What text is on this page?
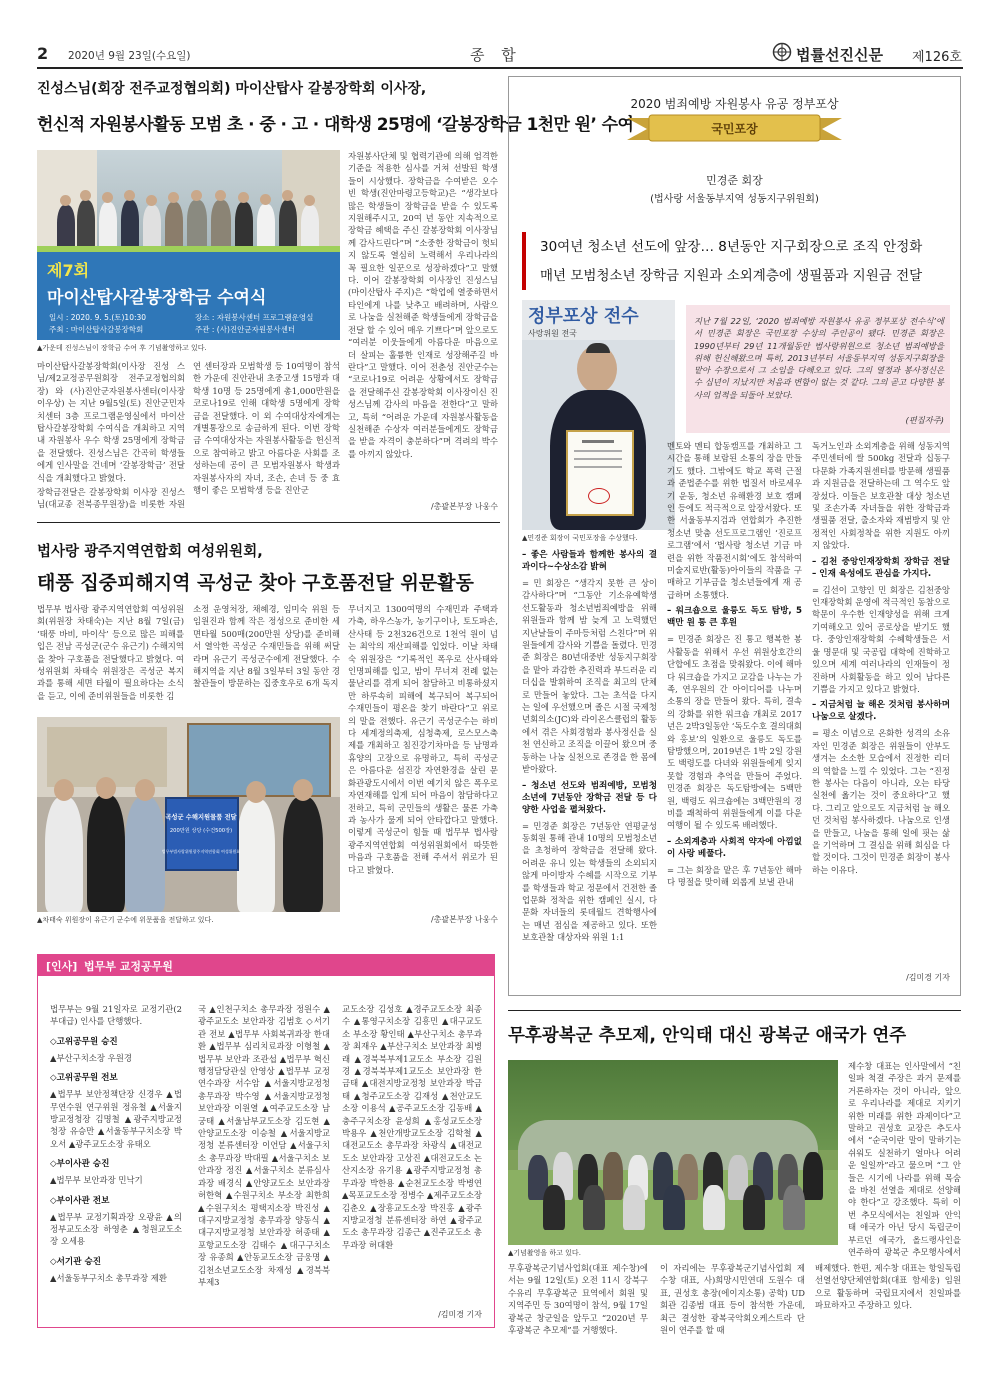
2 2020년 9월 23일(수요일)	종 합	법률선진신문 제126호
진성스님(회장 전주교정협의회) 마이산탑사 갈봉장학회 이사장,
헌신적 자원봉사활동 모범 초 · 중 · 고 · 대학생 25명에 ‘갈봉장학금 1천만 원’ 수여
제7회
마이산탑사갈봉장학금 수여식
일시 : 2020. 9. 5.(토)10:30
주최 : 마이산탑사갈봉장학회
장소 : 자원봉사센터 프로그램운영실
주관 : (사)진안군자원봉사센터
▲가운데 진성스님이 장학금 수여 후 기념촬영하고 있다.

마이산탑사갈봉장학회(이사장 진성 스님/제2교정공무원회장 전주교정협의회장) 와 (사)진안군자원봉사센터(이사장 이우상) 는 지난 9월5일(토) 진안군민자치센터 3층 프로그램운영실에서 마이산탑사갈봉장학회 수여식을 개최하고 지역 내 자원봉사 우수 학생 25명에게 장학금을 전달했다. 진성스님은 간곡히 학생들에게 인사말을 건네며 ‘갈봉장학금’ 전달식을 개최했다고 밝혔다.

장학금전달은 갈봉장학회 이사장 진성스님(대교종 전북종무원장)을 비롯한 자원

연 센터장과 모범학생 등 10여명이 참석한 가운데 진안관내 초중고생 15명과 대학생 10명 등 25명에게 총1,000만원을 코로나19로 인해 대학생 5명에게 장학금을 전달했다. 이 외 수여대상자에게는 개별통장으로 송금하게 된다. 이번 장학금 수여대상자는 자원봉사활동을 헌신적으로 참여하고 밝고 아름다운 사회를 조성하는데 공이 큰 모범자원봉사 학생과 자원봉사자의 자녀, 조손, 손녀 등 중 효행이 좋은 모범학생 등을 진안군
자원봉사단체 및 협력기관에 의해 엄격한 기준을 적용한 심사를 거쳐 선발된 학생들이 시상했다. 장학금을 수여받은 오수빈 학생(진안마령고등학교)은 “생각보다 많은 학생들이 장학금을 받을 수 있도록 지원해주시고, 20여 년 동안 지속적으로 장학금 혜택을 주신 갈봉장학회 이사장님께 감사드린다”며 “소중한 장학금이 헛되지 않도록 열심히 노력해서 우리나라의 꼭 필요한 일꾼으로 성장하겠다”고 말했다. 이어 갈봉장학회 이사장인 진성스님(마이산탑사 주지)은 “학업에 열중하면서 타인에게 나를 낮추고 배려하며, 사람으로 나눔을 실천해준 학생들에게 장학금을 전달 할 수 있어 매우 기쁘다”며 앞으로도 “여러분 이웃들에게 아름다운 마음으로 더 살피는 훌륭한 인재로 성장해주길 바란다”고 말했다. 이어 전춘성 진안군수는 “코로나19로 어려운 상황에서도 장학금을 전달해주신 갈봉장학회 이사장이신 진성스님께 감사의 마음을 전한다”고 말하고, 특히 “어려운 가운데 자원봉사활동을 실천해준 수상자 여러분들에게도 장학금을 받을 자격이 충분하다”며 격려의 박수를 아끼지 않았다.
/총괄본부장 나웅수
법사랑 광주지역연합회 여성위원회,
태풍 집중피해지역 곡성군 찾아 구호품전달 위문활동
법무부 법사랑 광주지역연합회 여성위원회(위원장 차태숙)는 지난 8월 7일(금) ‘태풍 바비, 마이삭’ 등으로 많은 피해를 입은 전남 곡성군(군수 유근기) 수해지역을 찾아 구호품을 전달했다고 밝혔다. 여성위원회 차태숙 위원장은 곡성군 복지과를 통해 세면 타월이 필요하다는 소식을 듣고, 이에 준비위원들을 비롯한 김
소정 운영처장, 채혜경, 임미숙 위원 등 임원진과 함께 작은 정성으로 준비한 세면타월 500매(200만원 상당)를 준비해서 열악한 곡성군 수재민들을 위해 써달라며 유근기 곡성군수에게 전달했다. 수해지역을 지난 8월 3일부터 3일 동안 경찰관들이 방문하는 집중호우로 6개 독지
곡성군 수해지원물품 전달
200만원 상당 (수건500장)
법무부법사랑위원광주지역연합회 여성위원회
▲차태숙 위원장이 유근기 군수에 위문품을 전달하고 있다.
무너지고 1300여명의 수재민과 주택과 가축, 하우스농가, 농기구이나, 토도파손, 산사태 등 2천326건으로 1천억 원이 넘는 최악의 재산피해를 입었다. 이날 차태숙 위원장은 “기록적인 폭우로 산사태와 인명피해를 입고, 밤이 무너져 전례 없는 물난리를 겪게 되어 참담하고 비통하셨지만 하루속히 피해에 복구되어 복구되어 수재민들이 평온을 찾기 바란다”고 위로의 말을 전했다. 유근기 곡성군수는 하비다 세계정의축제, 심청축제, 로스모스축제를 개최하고 침진강기차마을 등 남명과 휴양의 고장으로 유명하고, 특히 곡성군은 아름다운 섬진강 자연환경을 살린 문화관광도시에서 이번 예기치 않은 폭우로 자연재해를 입게 되어 마음이 참담하다고 전하고, 특히 군민들의 생활은 물론 가축과 농사가 물게 되어 안타깝다고 말했다. 이렇게 곡성군이 힘들 때 법무부 법사랑 광주지역연합회 여성위원회에서 따뜻한 마음과 구호품을 전해 주셔서 위로가 된다고 밝혔다.
/총괄본부장 나웅수
2020 범죄예방 자원봉사 유공 정부포상
국민포장
민경준 회장
(법사랑 서울동부지역 성동지구위원회)
30여년 청소년 선도에 앞장… 8년동안 지구회장으로 조직 안정화
매년 모범청소년 장학금 지원과 소외계층에 생필품과 지원금 전달
정부포상 전수
사랑위원 전국
▲민경준 회장이 국민포장을 수상했다.
지난 7월 22일, ‘2020 범죄예방 자원봉사 유공 정부포상 전수식’에서 민경준 회장은 국민포장 수상의 주인공이 됐다. 민경준 회장은 1990년부터 29년 11개월동안 법사랑위원으로 청소년 범죄예방을 위해 헌신해왔으며 특히, 2013년부터 서울동부지역 성동지구회장을 맡아 수장으로서 그 소임을 다해오고 있다. 그의 열정과 봉사정신은 수 십년이 지났지만 처음과 변함이 없는 것 같다. 그의 곧고 다양한 봉사의 업적을 되돌아 보았다.
(편집자주)
– 좋은 사람들과 함께한 봉사의 결과이다~수상소감 밝혀

= 민 회장은 “생각지 못한 큰 상이 감사하다”며 “그동안 기소유예학생 선도활동과 청소년범죄예방을 위해 위원들과 함께 밤 늦게 고 노력했던 지난날들이 주마등처럼 스친다”며 위원들에게 감사와 기쁨을 돌렸다. 민경준 회장은 80년대중반 성동지구회장을 맡아 과감한 추진력과 부드러운 리더십을 발휘하여 조직을 최고의 단체로 만들어 놓았다. 그는 초석을 다지는 일에 우선했으며 졸은 시절 국제청년회의소(JC)와 라이온스클럽의 활동에서 겪은 사회경험과 봉사정신을 실천 연신하고 조직을 이끌어 왔으며 중동하는 나눔 실천으로 존경을 한 몸에 받아왔다.

– 청소년 선도와 범죄예방, 모범청소년에 7년동안 장학금 전달 등 다양한 사업을 펼쳐왔다.

= 민경준 회장은 7년동안 연평균성동회원 통해 관내 10명의 모범청소년을 초청하여 장학금을 전달해 왔다. 어려운 유니 있는 학생들의 소외되지 않게 마이방자 수혜를 시작으로 기부를 학생들과 학교 정문에서 건전한 졸업문화 정착을 위한 캠페인 실시, 다문화 자녀들의 롯데월드 견학행사에는 매년 점심을 제공하고 있다. 또한 보호관찰 대상자와 위원 1:1

멘토와 멘티 합동캠프를 개최하고 그 시간을 통해 보람된 소통의 장을 만들기도 했다. 그밖에도 학교 폭력 근절과 준법준수를 위한 법질서 바로세우기 운동, 청소년 유해환경 보호 캠페인 등에도 적극적으로 앞장서왔다. 또한 서울동부지검과 연합회가 추진한 청소년 맞춤 선도프로그램인 ‘진로프로그램’에서 ‘법사랑 청소년 기금 마련을 위한 작품전시회’에도 참석하여 미술지료반(활동)아이들의 작품을 구매하고 기부금을 청소년들에게 재 공급하며 소통했다.

– 워크숍으로 울릉도 독도 탐방, 5백만 원 통 큰 후원

= 민경준 회장은 진 통고 행복한 봉사활동을 위해서 우선 위원상호간의 단합에도 초점을 맞춰왔다. 이에 해마다 워크숍을 가지고 교감을 나누는 가족, 연우원의 간 아이디어를 나누며 소통의 장을 만들어 왔다. 특히, 결속의 강화를 위한 워크숍 개최로 2017년은 2박3일동안 ‘독도수호 결의대회와 홍보’의 일환으로 울릉도 독도를 탐방했으며, 2019년은 1박 2일 강원도 백령도를 다녀와 위원들에게 잊지 못할 경험과 추억을 만들어 주었다. 민경준 회장은 독도탐방에는 5백만원, 백령도 워크숍에는 3백만원의 경비를 쾌척하여 위원들에게 이를 다운 여행이 될 수 있도록 배려했다.

– 소외계층과 사회적 약자에 아낌없이 사랑 베풀다.

= 그는 회장을 맡은 후 7년동안 해마다 명절을 맞이해 외롭게 보낼 관내

독거노인과 소외계층을 위해 성동지역 주민센터에 쌀 500kg 전달과 십동구 다문화 가족지원센터를 방문해 생필품과 지원금을 전달하는데 그 역수도 앞장섰다. 이들은 보호관찰 대상 청소년 및 조손가족 자녀들을 위한 장학금과 생필품 전달, 출소자와 재범방지 및 안정적인 사회정착을 위한 지원도 아끼지 않았다.

– 김천 중앙인재장학회 장학금 전달 – 인재 육성에도 관심을 가지다.

= 김선이 고향인 민 회장은 김천중앙인재장학회 운영에 적극적인 동참으로 학문이 우수한 인재양성을 위해 크게 기여해오고 있어 공로상을 받기도 했다. 중앙인재장학회 수혜학생들은 서울 명문대 및 국공립 대학에 진학하고 있으며 세계 여러나라의 인재들이 정진하며 사회활동을 하고 있어 남다른 기쁨을 가지고 있다고 밝혔다.

– 지금처럼 늘 해온 것처럼 봉사하며 나눔으로 살겠다.

= 평소 이념으로 온화한 성격의 소유자인 민경준 회장은 위원들이 안부도 생겨는 소소한 모습에서 진정한 리더의 역할을 느낄 수 있었다. 그는 “진정한 봉사는 다음이 아니라, 오는 타당 실천에 옮기는 것이 중요하다”고 했다. 그리고 앞으로도 지금처럼 늘 해오던 것처럼 봉사하겠다. 나눔으로 인생을 만들고, 나눔을 통해 일에 핏는 삶을 기억하며 그 결심을 위해 회심을 다 할 것이다. 그것이 민경준 회장이 봉사하는 이유다.

/김미경 기자
[인사] 법무부 교정공무원

법무부는 9월 21일자로 교정기관(2부대급) 인사를 단행했다.

◇고위공무원 승진

▲부산구치소장 우원경

◇고위공무원 전보

▲법무부 보안정책단장 신경우 ▲법무연수원 연구위원 정유철 ▲서울지방교정청장 김명철 ▲광주지방교정청장 유승만 ▲서울동부구치소장 박오서 ▲광주교도소장 유태오

◇부이사관 승진

▲법무부 보안과장 민낙기

◇부이사관 전보

▲법무부 교정기획과장 오광윤 ▲의정부교도소장 하영춘 ▲청원교도소장 오세용

◇서기관 승진

▲서울동부구치소 총무과장 제환

국 ▲인천구치소 총무과장 정원수 ▲광주교도소 보안과장 김범호 ◇서기관 전보 ▲법무부 사회복귀과장 한대환 ▲법무부 심리치료과장 이형철 ▲법무부 보안과 조관섭 ▲법무부 혁신행정담당관실 안영상 ▲법무부 교정연수과장 서수암 ▲서울지방교정청 총무과장 박수영 ▲서울지방교정청 보안과장 이원열 ▲여주교도소장 남궁태 ▲서울남부교도소장 김도현 ▲안양교도소장 이승철 ▲서울지방교정청 분류센터장 이언담 ▲서울구치소 총무과장 박대필 ▲서울구치소 보안과장 정진 ▲서울구치소 분류심사과장 배경식 ▲안양교도소 보안과장 허한혁 ▲수원구치소 부소장 최한희 ▲수원구치소 평택지소장 박진성 ▲대구지방교정청 총무과장 양동식 ▲대구지방교정청 보안과장 허종태 ▲포항교도소장 김태수 ▲대구구치소장 유종희 ▲안동교도소장 금웅명 ▲김천소년교도소장 차재성 ▲경북북부제3
교도소장 김성호 ▲경주교도소장 최종수 ▲통영구치소장 김흥민 ▲대구교도소 부소장 황인태 ▲부산구치소 총무과장 최재우 ▲부산구치소 보안과장 최병래 ▲경북북부제1교도소 부소장 김원경 ▲경북북부제1교도소 보안과장 한금태 ▲대전지방교정청 보안과장 박금태 ▲청주교도소장 김재성 ▲천안교도소장 이용석 ▲공주교도소장 김동배 ▲충주구치소장 윤성희 ▲홍성교도소장 박용우 ▲천안개방교도소장 김학철 ▲대전교도소 총무과장 차광식 ▲대전교도소 보안과장 고상진 ▲대전교도소 논산지소장 유기용 ▲광주지방교정청 총무과장 박한용 ▲순천교도소장 박병연 ▲목포교도소장 정병수 ▲제주교도소장 김춘오 ▲장흥교도소장 박진홍 ▲광주지방교정청 분류센터장 하연 ▲광주교도소 총무과장 김종근 ▲진주교도소 총무과장 허대환
/김미경 기자
무후광복군 추모제, 안익태 대신 광복군 애국가 연주
▲기념촬영을 하고 있다.
제수창 대표는 인사말에서 “친일파 척결 주장은 과거 문제를 거론하자는 것이 아니라, 앞으로 우리나라를 제대로 지키기 위한 미래를 위한 과제이다”고 말하고 권성호 교장은 추도사에서 “순국이란 말이 말하기는 쉬워도 실천하기 얼마나 어려운 일일까”라고 물으며 “그 안들은 시기에 나라를 위해 목숨을 바친 선열을 제대로 선양해야 한다”고 강조했다. 특히 이번 추모식에서는 친일파 안익태 애국가 아닌 당시 독립군이 부르던 애국가, 올드랭사인을 연주하여 광복군 추모행사에서
무후광복군기념사업회(대표 제수창)에서는 9월 12일(토) 오전 11시 강북구 수유리 무후광복군 묘역에서 회원 및 지역주민 등 30여명이 참석, 9월 17일 광복군 창군일을 앞두고 “2020년 무후광복군 추모제”를 거행했다.
이 자리에는 무후광복군기념사업회 제수창 대표, 사)희망시민연대 도원수 대표, 권성호 총장(에이지소통) 공학) UD회관 김종범 대표 등이 참석한 가운데, 최근 결성한 광복국악회오케스트라 단원이 연주를 할 때
배제했다. 한편, 제수창 대표는 항일독립선열선양단체연합회(대표 함세웅) 임원으로 활동하며 국립묘지에서 친일파를 파묘하자고 주장하고 있다.
